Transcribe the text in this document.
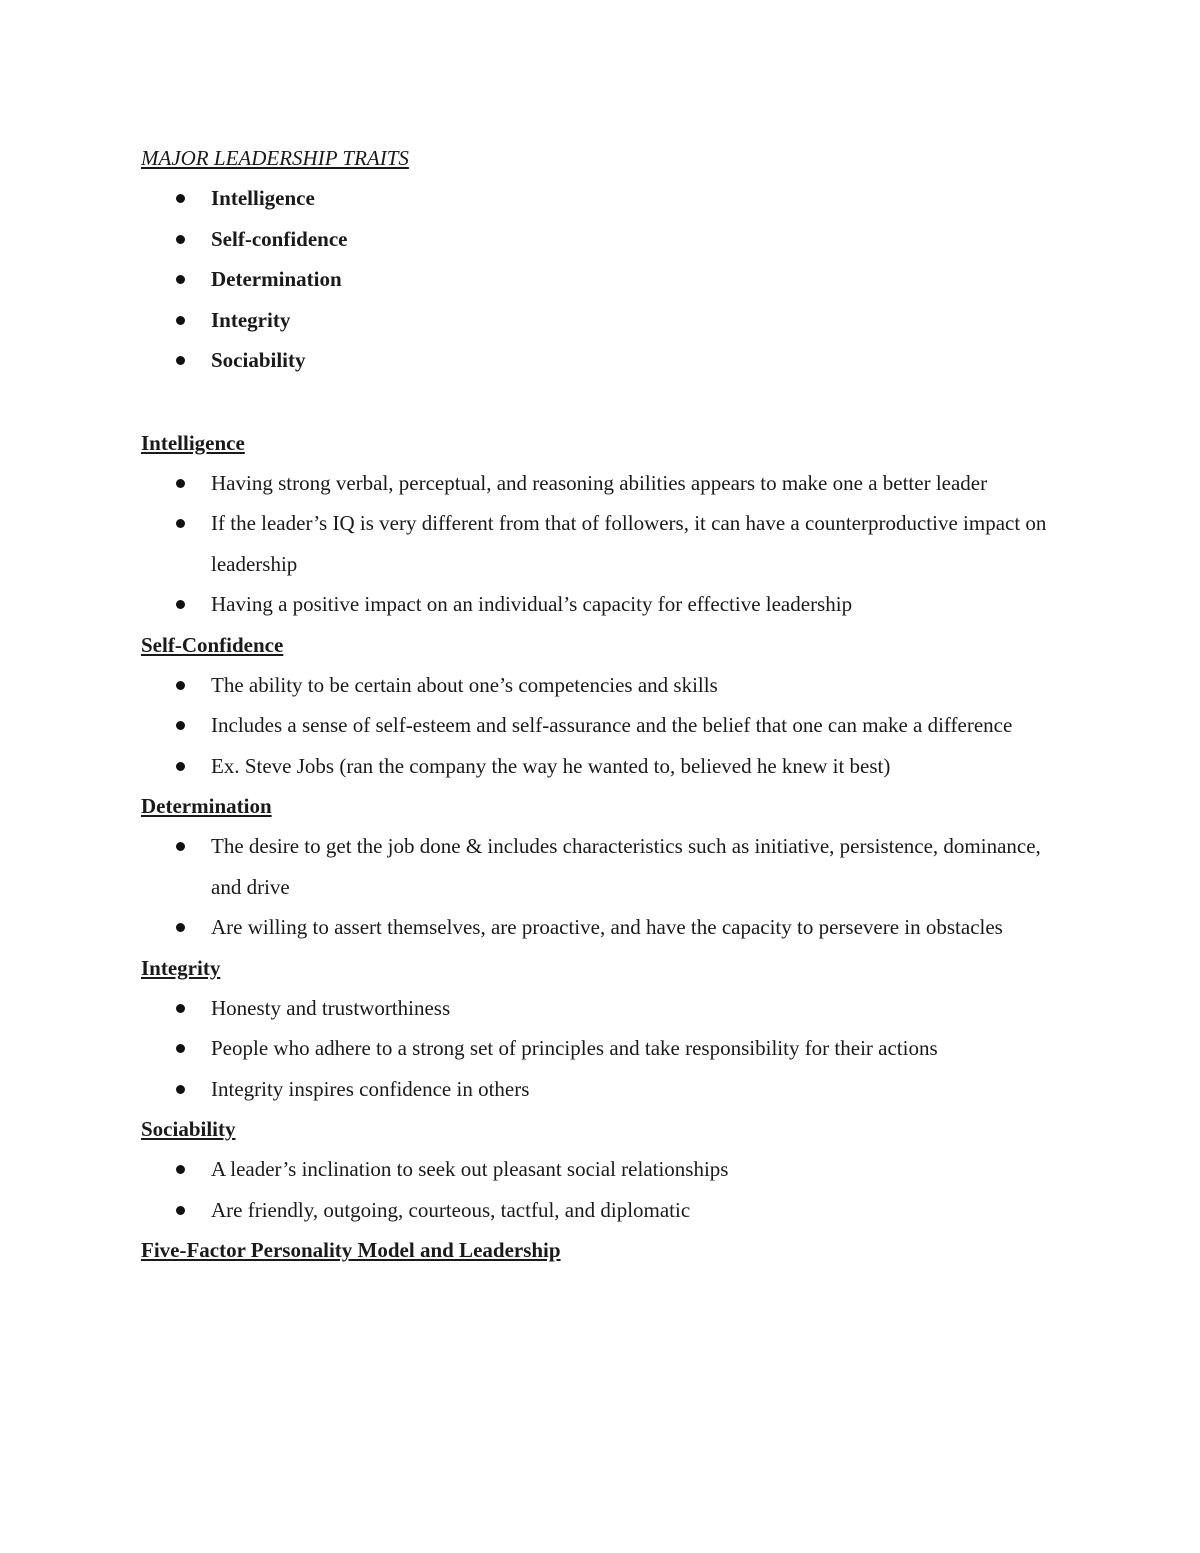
MAJOR LEADERSHIP TRAITS

Intelligence
Self-confidence
Determination
Integrity
Sociability

Intelligence

Having strong verbal, perceptual, and reasoning abilities appears to make one a better leader
If the leader’s IQ is very different from that of followers, it can have a counterproductive impact on leadership
Having a positive impact on an individual’s capacity for effective leadership

Self-Confidence

The ability to be certain about one’s competencies and skills
Includes a sense of self-esteem and self-assurance and the belief that one can make a difference
Ex. Steve Jobs (ran the company the way he wanted to, believed he knew it best)

Determination

The desire to get the job done & includes characteristics such as initiative, persistence, dominance, and drive
Are willing to assert themselves, are proactive, and have the capacity to persevere in obstacles

Integrity

Honesty and trustworthiness
People who adhere to a strong set of principles and take responsibility for their actions
Integrity inspires confidence in others

Sociability

A leader’s inclination to seek out pleasant social relationships
Are friendly, outgoing, courteous, tactful, and diplomatic

Five-Factor Personality Model and Leadership
